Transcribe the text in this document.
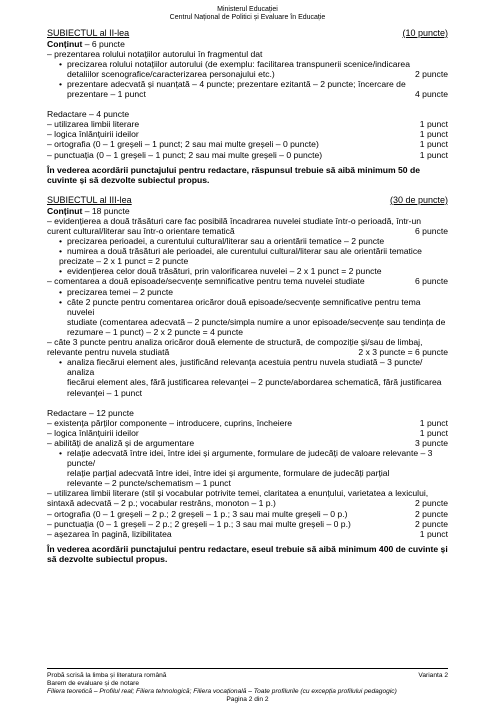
Ministerul Educației
Centrul Național de Politici și Evaluare în Educație
SUBIECTUL al II-lea	(10 puncte)
Conținut – 6 puncte
– prezentarea rolului notațiilor autorului în fragmentul dat
• precizarea rolului notațiilor autorului (de exemplu: facilitarea transpunerii scenice/indicarea
detaliilor scenografice/caracterizarea personajului etc.)	2 puncte
• prezentare adecvată și nuanțată – 4 puncte; prezentare ezitantă – 2 puncte; încercare de
prezentare – 1 punct	4 puncte
Redactare – 4 puncte
– utilizarea limbii literare	1 punct
– logica înlănțuirii ideilor	1 punct
– ortografia (0 – 1 greșeli – 1 punct; 2 sau mai multe greșeli – 0 puncte)	1 punct
– punctuația (0 – 1 greșeli – 1 punct; 2 sau mai multe greșeli – 0 puncte)	1 punct
În vederea acordării punctajului pentru redactare, răspunsul trebuie să aibă minimum 50 de cuvinte și să dezvolte subiectul propus.
SUBIECTUL al III-lea	(30 de puncte)
Conținut – 18 puncte
– evidențierea a două trăsături care fac posibilă încadrarea nuvelei studiate într-o perioadă, într-un
curent cultural/literar sau într-o orientare tematică	6 puncte
• precizarea perioadei, a curentului cultural/literar sau a orientării tematice – 2 puncte
• numirea a două trăsături ale perioadei, ale curentului cultural/literar sau ale orientării tematice
precizate – 2 x 1 punct = 2 puncte
• evidențierea celor două trăsături, prin valorificarea nuvelei – 2 x 1 punct = 2 puncte
– comentarea a două episoade/secvențe semnificative pentru tema nuvelei studiate	6 puncte
• precizarea temei – 2 puncte
• câte 2 puncte pentru comentarea oricăror două episoade/secvențe semnificative pentru tema nuvelei
studiate (comentarea adecvată – 2 puncte/simpla numire a unor episoade/secvențe sau tendința de
rezumare – 1 punct) – 2 x 2 puncte = 4 puncte
– câte 3 puncte pentru analiza oricăror două elemente de structură, de compoziție și/sau de limbaj,
relevante pentru nuvela studiată	2 x 3 puncte = 6 puncte
• analiza fiecărui element ales, justificând relevanța acestuia pentru nuvela studiată – 3 puncte/ analiza
fiecărui element ales, fără justificarea relevanței – 2 puncte/abordarea schematică, fără justificarea
relevanței – 1 punct
Redactare – 12 puncte
– existența părților componente – introducere, cuprins, încheiere	1 punct
– logica înlănțuirii ideilor	1 punct
– abilități de analiză și de argumentare	3 puncte
• relație adecvată între idei, între idei și argumente, formulare de judecăți de valoare relevante – 3 puncte/
relație parțial adecvată între idei, între idei și argumente, formulare de judecăți parțial
relevante – 2 puncte/schematism – 1 punct
– utilizarea limbii literare (stil și vocabular potrivite temei, claritatea a enunțului, varietatea a lexicului,
sintaxă adecvată – 2 p.; vocabular restrâns, monoton – 1 p.)	2 puncte
– ortografia (0 – 1 greșeli – 2 p.; 2 greșeli – 1 p.; 3 sau mai multe greșeli – 0 p.)	2 puncte
– punctuația (0 – 1 greșeli – 2 p.; 2 greșeli – 1 p.; 3 sau mai multe greșeli – 0 p.)	2 puncte
– așezarea în pagină, lizibilitatea	1 punct
În vederea acordării punctajului pentru redactare, eseul trebuie să aibă minimum 400 de cuvinte și să dezvolte subiectul propus.
Probă scrisă la limba și literatura română	Varianta 2
Barem de evaluare și de notare
Filiera teoretică – Profilul real; Filiera tehnologică; Filiera vocațională – Toate profilurile (cu excepția profilului pedagogic)
Pagina 2 din 2
